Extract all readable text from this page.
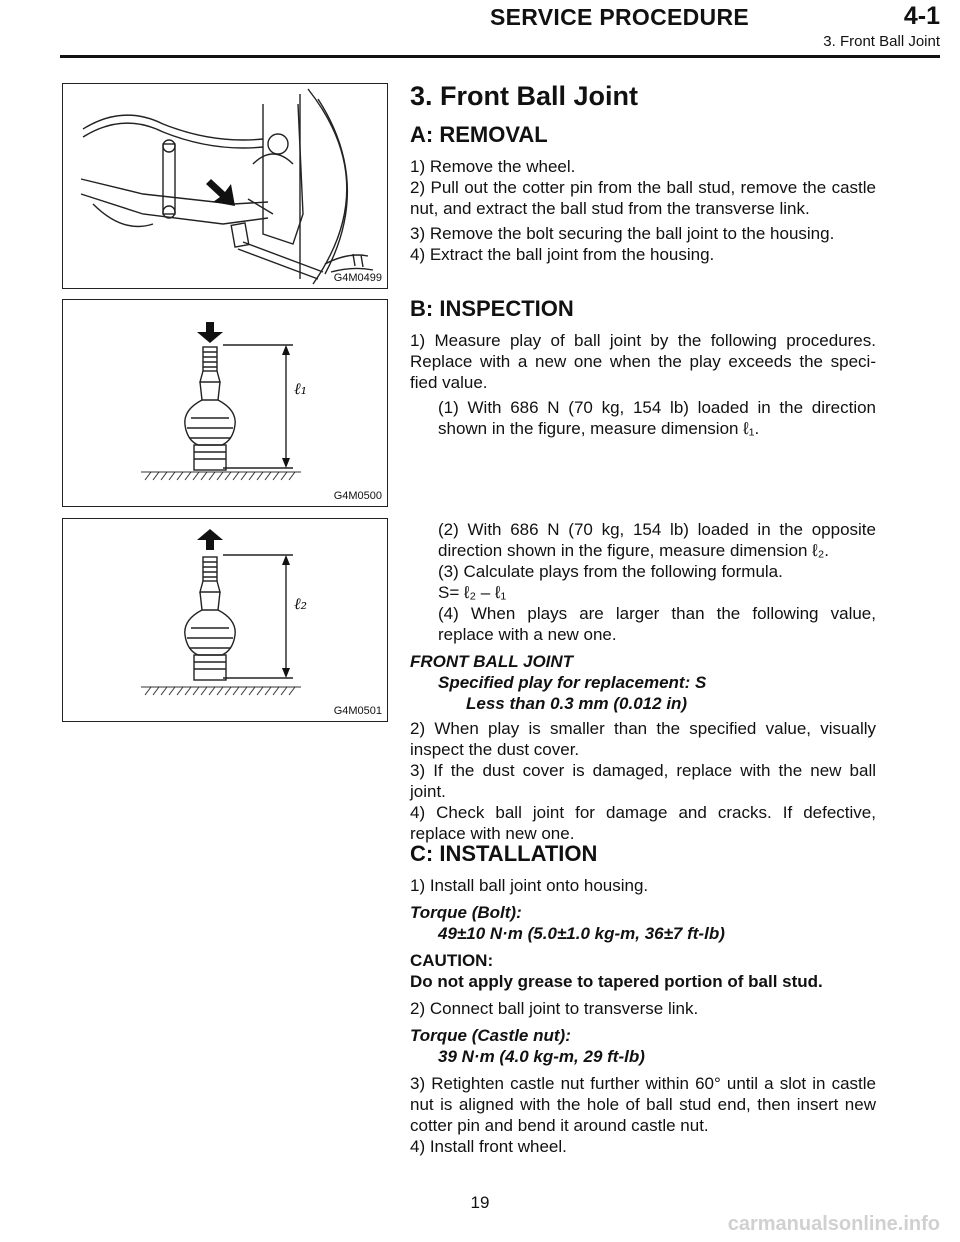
SERVICE PROCEDURE	4-1
3. Front Ball Joint
G4M0499
ℓ₁
G4M0500
ℓ₂
G4M0501

3. Front Ball Joint

A: REMOVAL

1) Remove the wheel.

2) Pull out the cotter pin from the ball stud, remove the castle nut, and extract the ball stud from the transverse link.

3) Remove the bolt securing the ball joint to the housing.

4) Extract the ball joint from the housing.

B: INSPECTION

1) Measure play of ball joint by the following procedures. Replace with a new one when the play exceeds the speci- fied value.

(1) With 686 N (70 kg, 154 lb) loaded in the direction shown in the figure, measure dimension ℓ₁.

(2) With 686 N (70 kg, 154 lb) loaded in the opposite direction shown in the figure, measure dimension ℓ₂.

(3) Calculate plays from the following formula.

S= ℓ₂ – ℓ₁

(4) When plays are larger than the following value, replace with a new one.

FRONT BALL JOINT

Specified play for replacement: S

Less than 0.3 mm (0.012 in)

2) When play is smaller than the specified value, visually inspect the dust cover.

3) If the dust cover is damaged, replace with the new ball joint.

4) Check ball joint for damage and cracks. If defective, replace with new one.

C: INSTALLATION

1) Install ball joint onto housing.

Torque (Bolt):

49±10 N·m (5.0±1.0 kg-m, 36±7 ft-lb)

CAUTION:

Do not apply grease to tapered portion of ball stud.

2) Connect ball joint to transverse link.

Torque (Castle nut):

39 N·m (4.0 kg-m, 29 ft-lb)

3) Retighten castle nut further within 60° until a slot in castle nut is aligned with the hole of ball stud end, then insert new cotter pin and bend it around castle nut.

4) Install front wheel.

19
carmanualsonline.info
